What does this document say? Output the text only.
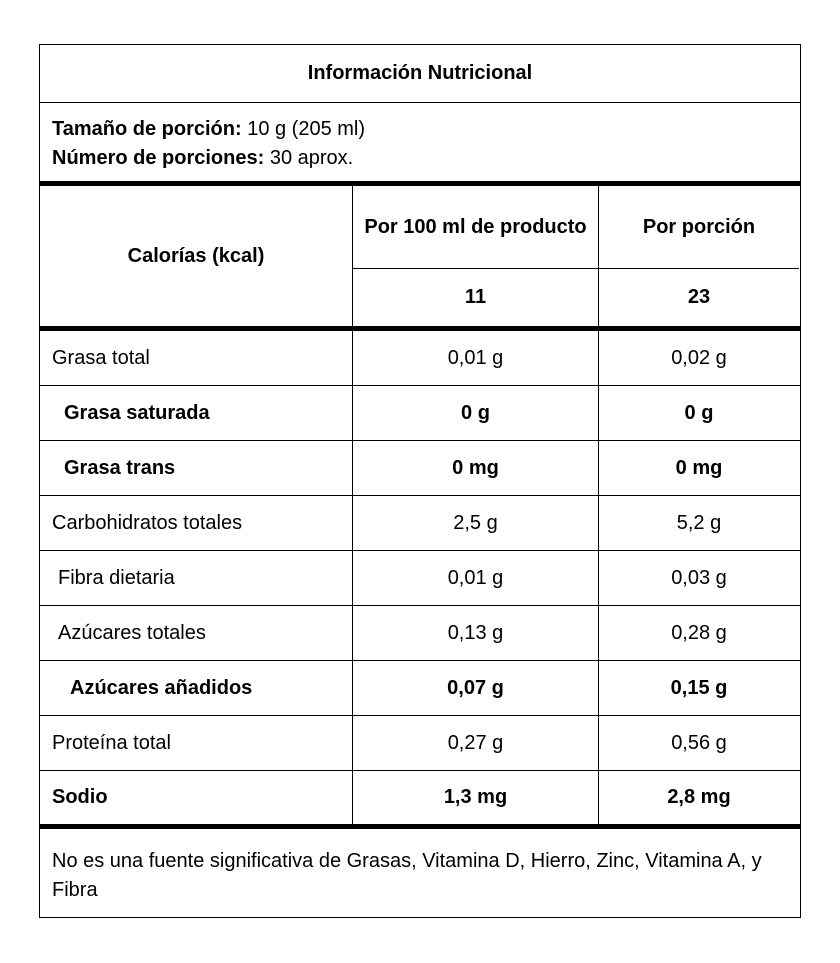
Información Nutricional
Tamaño de porción: 10 g (205 ml)
Número de porciones: 30 aprox.
Calorías (kcal)
Por 100 ml de producto	Por porción
11	23
Grasa total	0,01 g	0,02 g
Grasa saturada	0 g	0 g
Grasa trans	0 mg	0 mg
Carbohidratos totales	2,5 g	5,2 g
Fibra dietaria	0,01 g	0,03 g
Azúcares totales	0,13 g	0,28 g
Azúcares añadidos	0,07 g	0,15 g
Proteína total	0,27 g	0,56 g
Sodio	1,3 mg	2,8 mg
No es una fuente significativa de Grasas, Vitamina D, Hierro, Zinc, Vitamina A, y Fibra
